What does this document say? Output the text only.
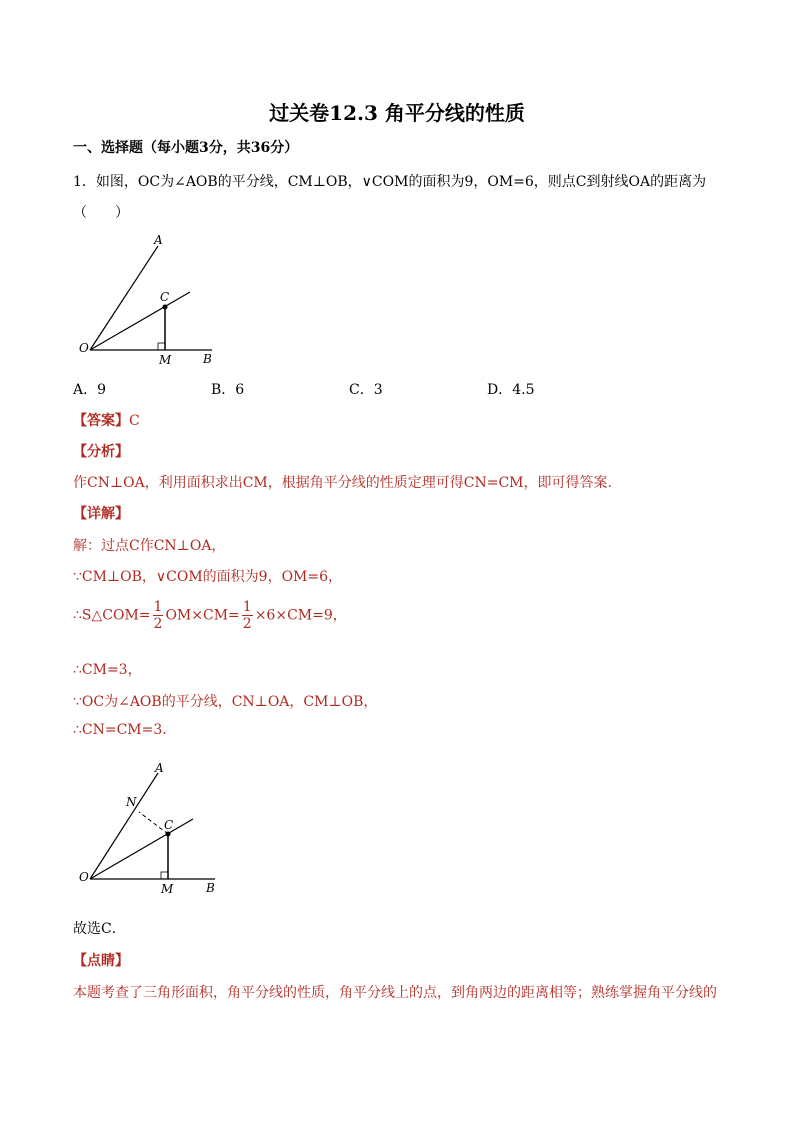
过关卷12.3 角平分线的性质
一、选择题（每小题3分，共36分）
1．如图，OC为∠AOB的平分线，CM⊥OB，∨COM的面积为9，OM=6，则点C到射线OA的距离为
（　　）
A
C
O
M	B
A．9	B．6	C．3	D．4.5
【答案】C
【分析】
作CN⊥OA，利用面积求出CM，根据角平分线的性质定理可得CN=CM，即可得答案.
【详解】
解：过点C作CN⊥OA，
∵CM⊥OB，∨COM的面积为9，OM=6，
∴S△COM= $\frac{1}{2} OM\times CM= \frac{1}{2} \times 6\times CM=9$，
∴CM=3，
∵OC为∠AOB的平分线，CN⊥OA，CM⊥OB，
∴CN=CM=3.
A
N
C
O
M	B
故选C．
【点睛】
本题考查了三角形面积，角平分线的性质，角平分线上的点，到角两边的距离相等；熟练掌握角平分线的
